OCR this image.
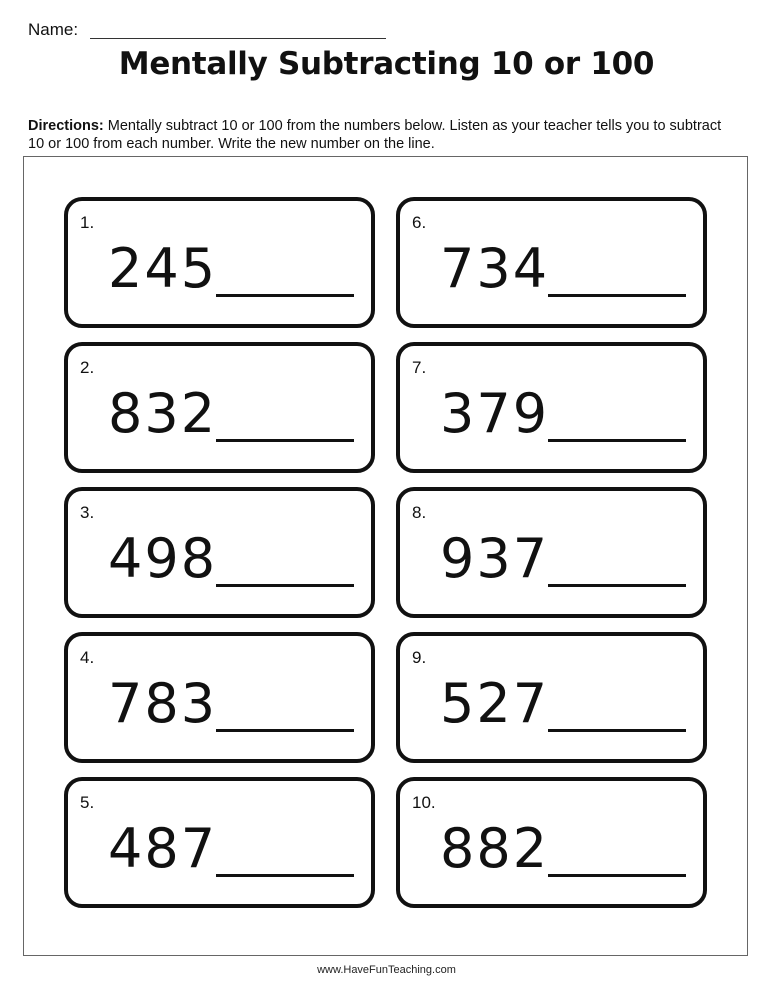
Name:
Mentally Subtracting 10 or 100
Directions: Mentally subtract 10 or 100 from the numbers below. Listen as your teacher tells you to subtract 10 or 100 from each number. Write the new number on the line.
1.
245
2.
832
3.
498
4.
783
5.
487
6.
734
7.
379
8.
937
9.
527
10.
882
www.HaveFunTeaching.com
